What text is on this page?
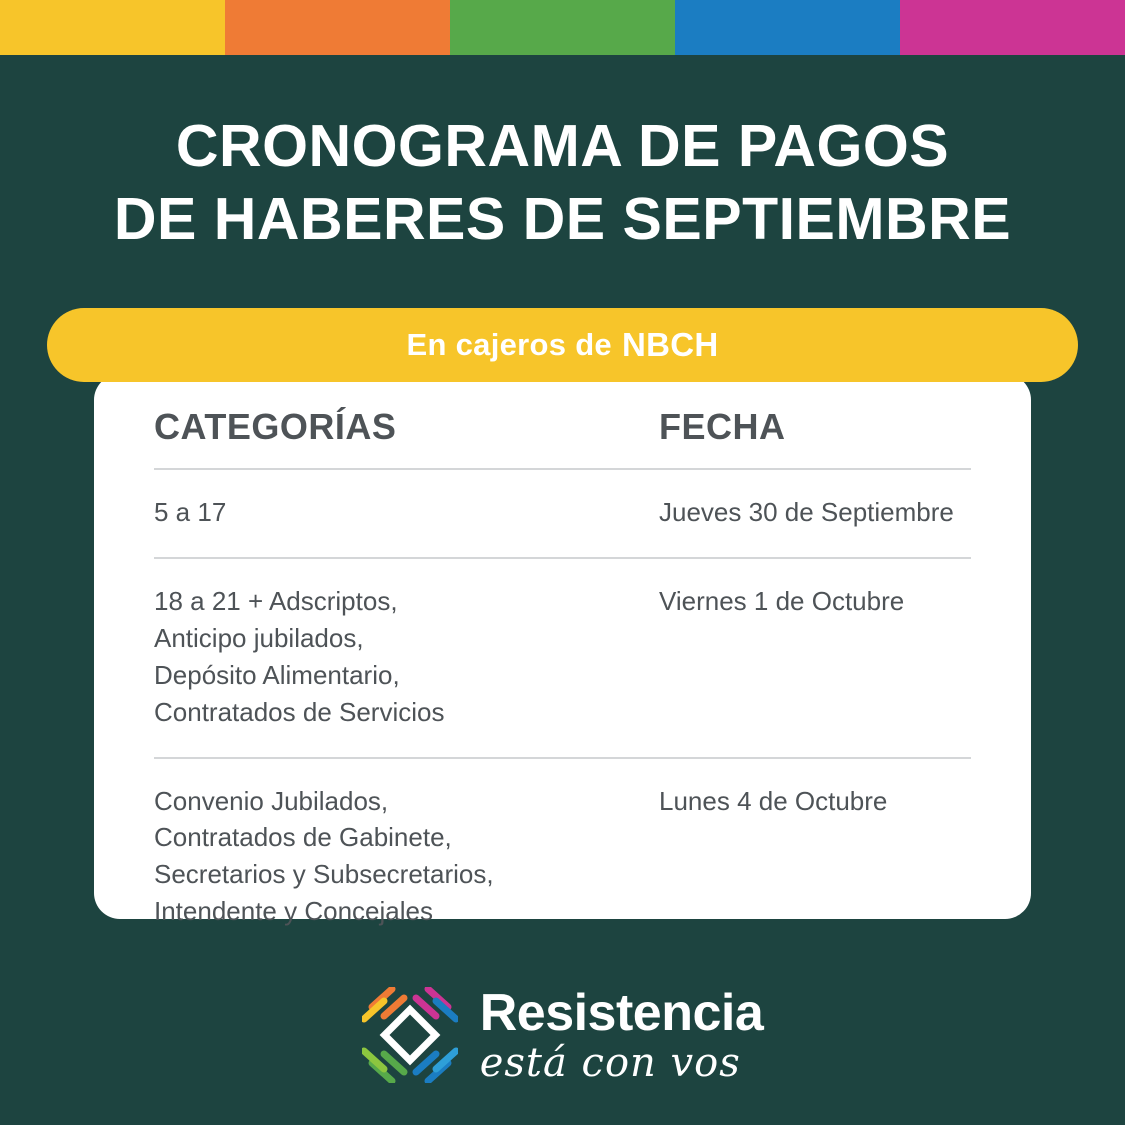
CRONOGRAMA DE PAGOS
DE HABERES DE SEPTIEMBRE
En cajeros de NBCH
CATEGORÍAS	FECHA
5 a 17	Jueves 30 de Septiembre
18 a 21 + Adscriptos,
Anticipo jubilados,
Depósito Alimentario,
Contratados de Servicios
Viernes 1 de Octubre
Convenio Jubilados,
Contratados de Gabinete,
Secretarios y Subsecretarios,
Intendente y Concejales
Lunes 4 de Octubre
Resistencia
está con vos
